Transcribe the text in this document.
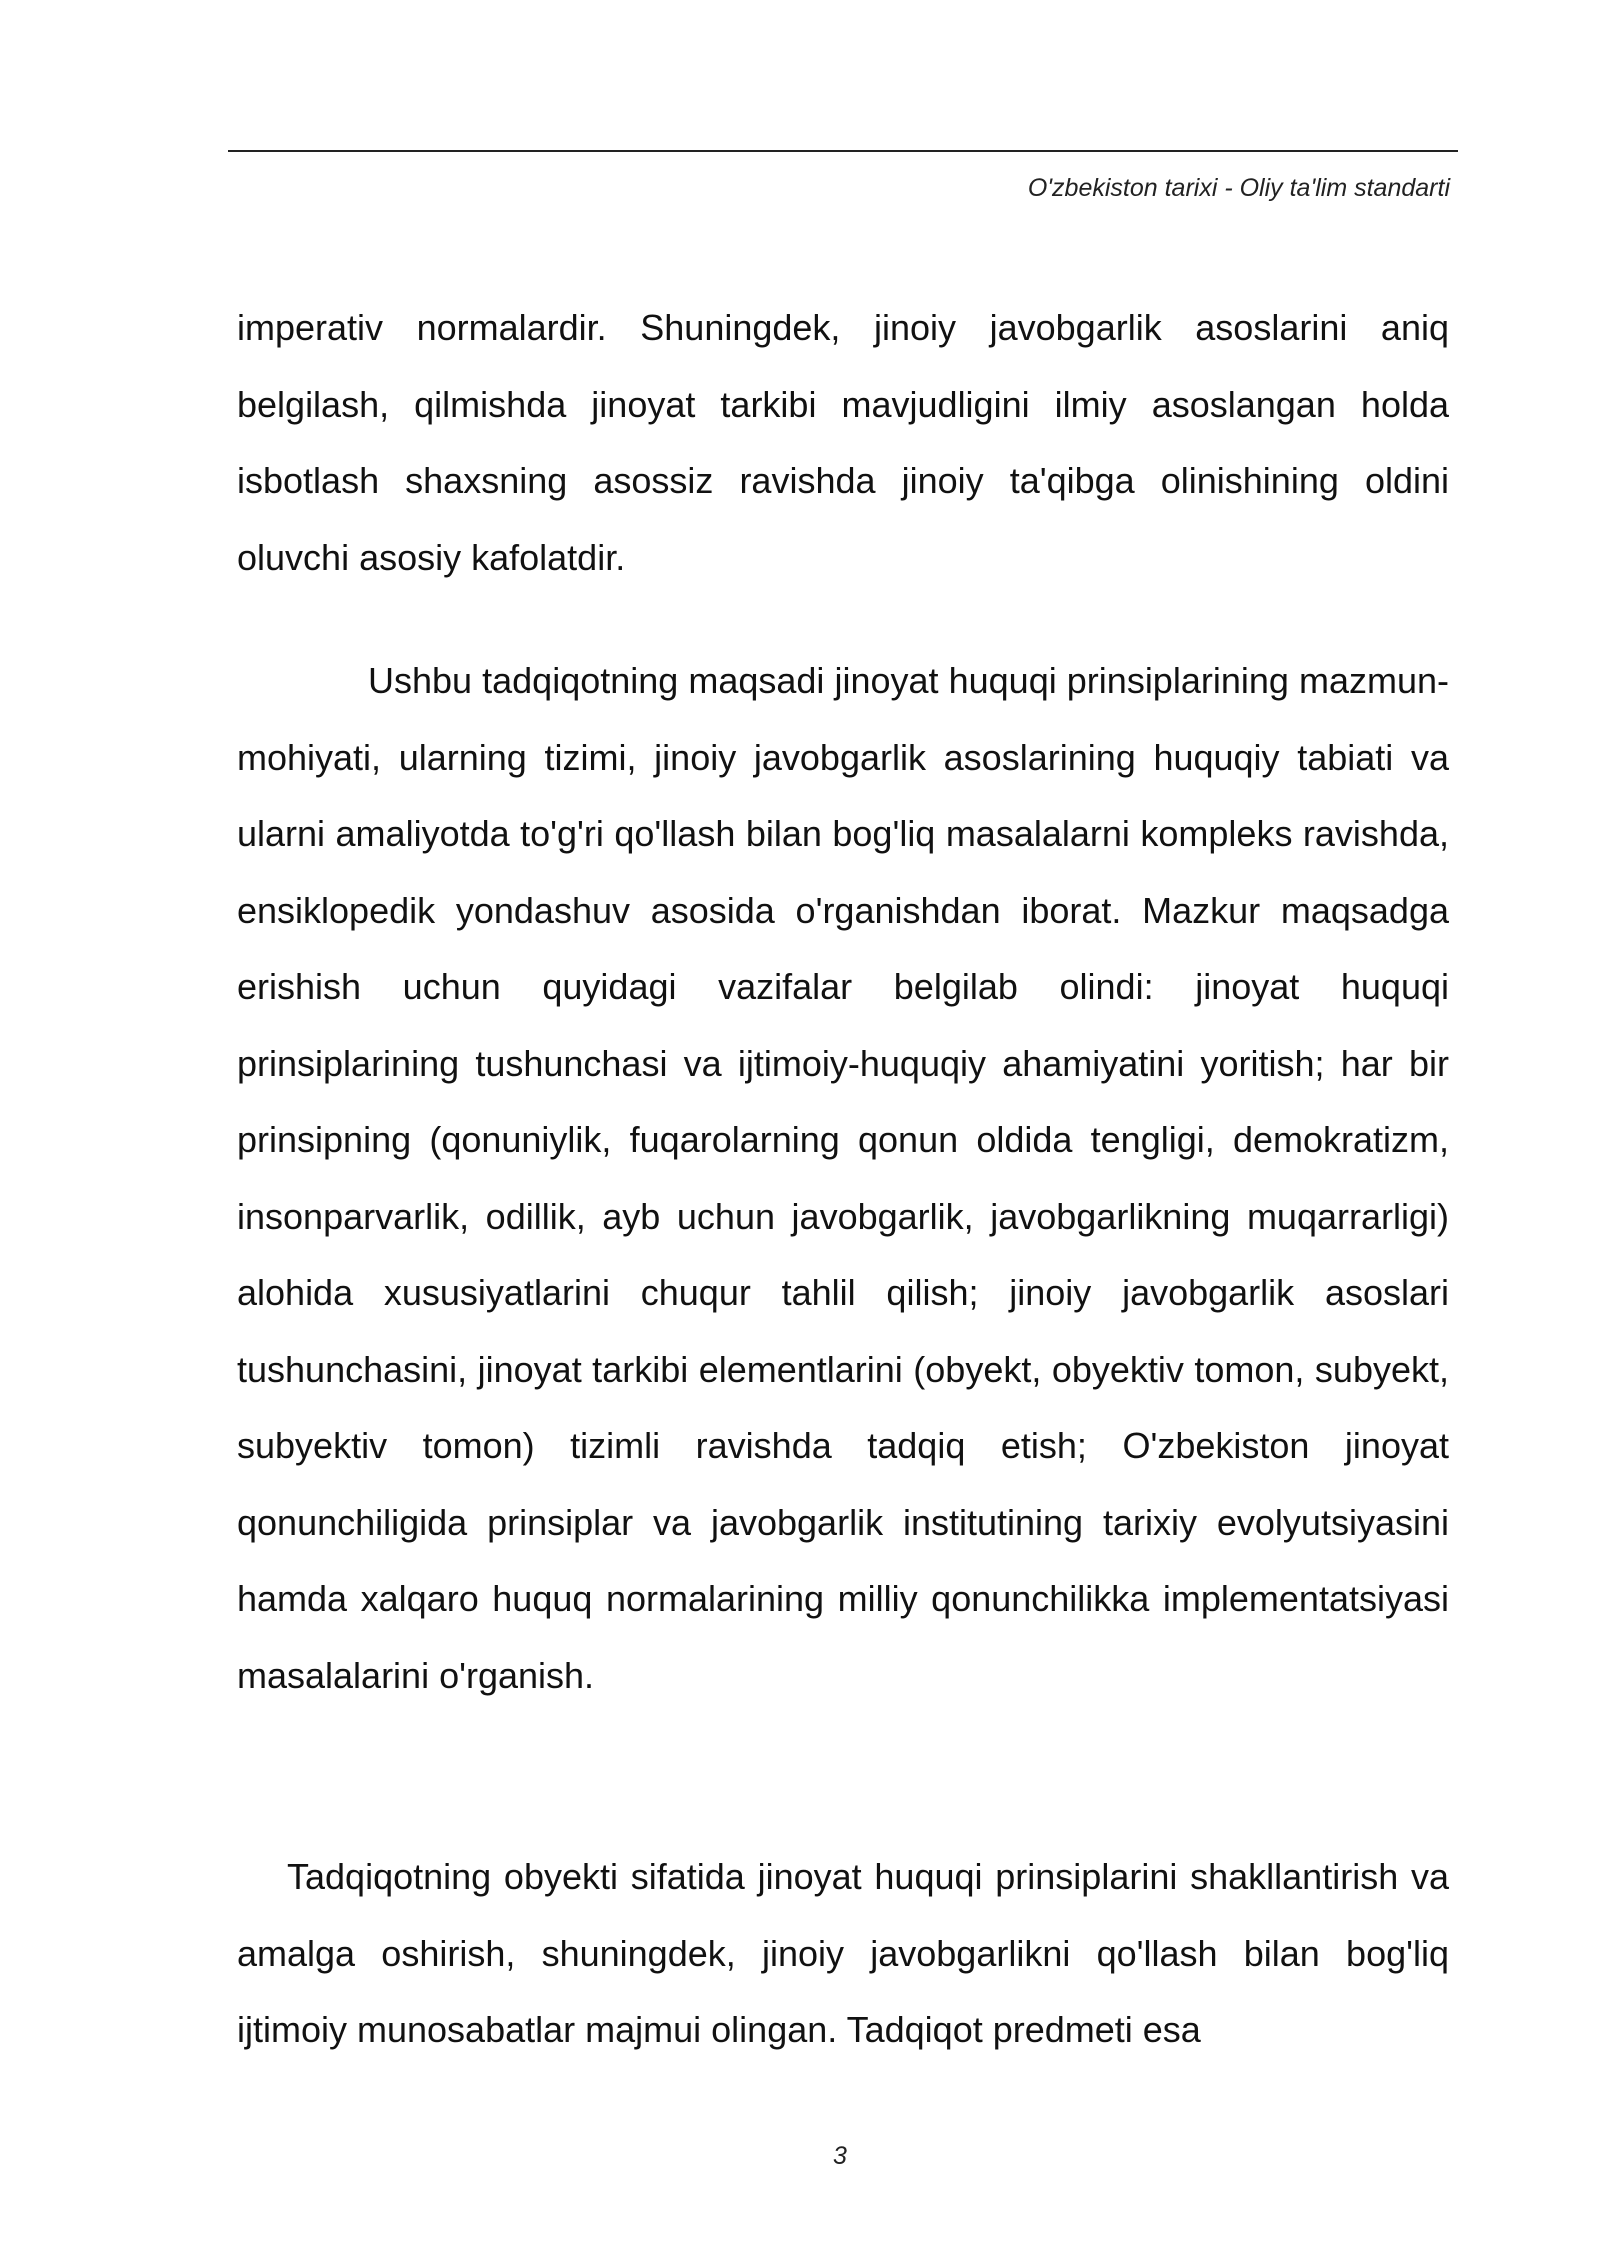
O'zbekiston tarixi - Oliy ta'lim standarti

imperativ normalardir. Shuningdek, jinoiy javobgarlik asoslarini aniq belgilash, qilmishda jinoyat tarkibi mavjudligini ilmiy asoslangan holda isbotlash shaxsning asossiz ravishda jinoiy ta'qibga olinishining oldini oluvchi asosiy kafolatdir.

Ushbu tadqiqotning maqsadi jinoyat huquqi prinsiplarining mazmun-mohiyati, ularning tizimi, jinoiy javobgarlik asoslarining huquqiy tabiati va ularni amaliyotda to'g'ri qo'llash bilan bog'liq masalalarni kompleks ravishda, ensiklopedik yondashuv asosida o'rganishdan iborat. Mazkur maqsadga erishish uchun quyidagi vazifalar belgilab olindi: jinoyat huquqi prinsiplarining tushunchasi va ijtimoiy-huquqiy ahamiyatini yoritish; har bir prinsipning (qonuniylik, fuqarolarning qonun oldida tengligi, demokratizm, insonparvarlik, odillik, ayb uchun javobgarlik, javobgarlikning muqarrarligi) alohida xususiyatlarini chuqur tahlil qilish; jinoiy javobgarlik asoslari tushunchasini, jinoyat tarkibi elementlarini (obyekt, obyektiv tomon, subyekt, subyektiv tomon) tizimli ravishda tadqiq etish; O'zbekiston jinoyat qonunchiligida prinsiplar va javobgarlik institutining tarixiy evolyutsiyasini hamda xalqaro huquq normalarining milliy qonunchilikka implementatsiyasi masalalarini o'rganish.

Tadqiqotning obyekti sifatida jinoyat huquqi prinsiplarini shakllantirish va amalga oshirish, shuningdek, jinoiy javobgarlikni qo'llash bilan bog'liq ijtimoiy munosabatlar majmui olingan. Tadqiqot predmeti esa

3
